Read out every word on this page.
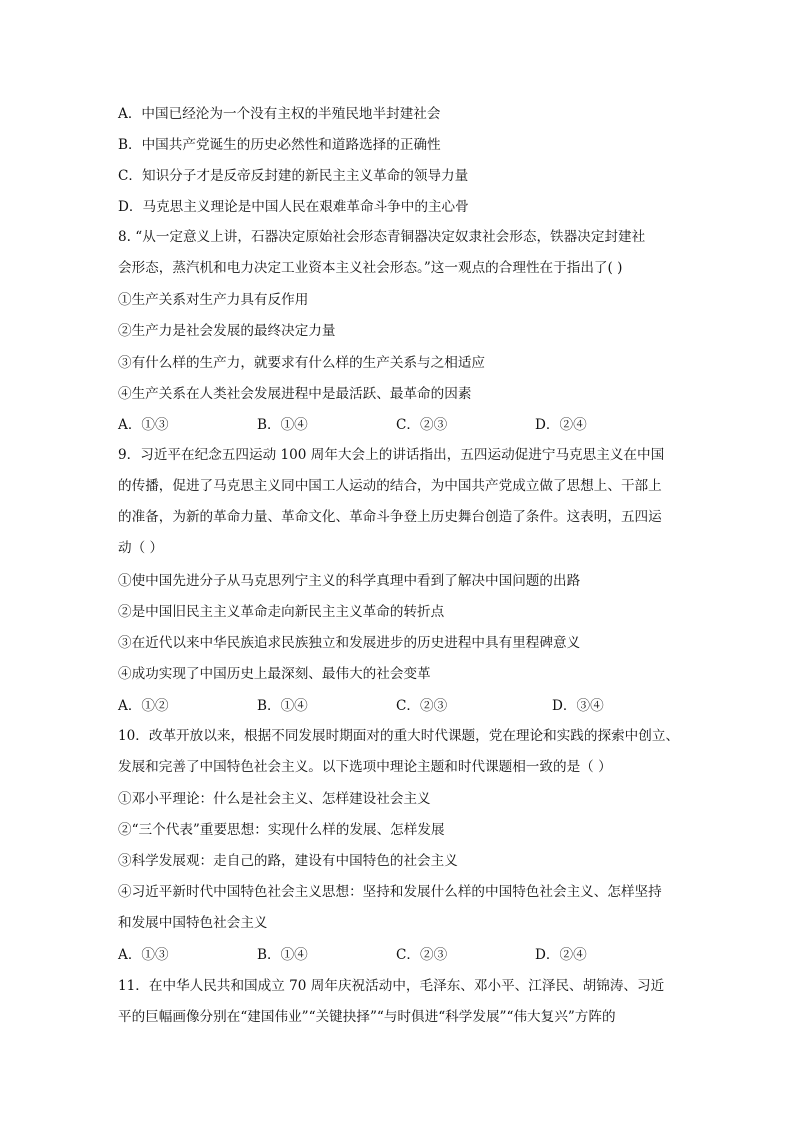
A．中国已经沦为一个没有主权的半殖民地半封建社会
B．中国共产党诞生的历史必然性和道路选择的正确性
C．知识分子才是反帝反封建的新民主主义革命的领导力量
D．马克思主义理论是中国人民在艰难革命斗争中的主心骨
8. “从一定意义上讲，石器决定原始社会形态青铜器决定奴隶社会形态，铁器决定封建社
会形态，蒸汽机和电力决定工业资本主义社会形态。”这一观点的合理性在于指出了( )
①生产关系对生产力具有反作用
②生产力是社会发展的最终决定力量
③有什么样的生产力，就要求有什么样的生产关系与之相适应
④生产关系在人类社会发展进程中是最活跃、最革命的因素
A．①③	B．①④	C．②③	D．②④
9．习近平在纪念五四运动 100 周年大会上的讲话指出，五四运动促进宁马克思主义在中国
的传播，促进了马克思主义同中国工人运动的结合，为中国共产党成立做了思想上、干部上
的准备，为新的革命力量、革命文化、革命斗争登上历史舞台创造了条件。这表明，五四运
动（ ）
①使中国先进分子从马克思列宁主义的科学真理中看到了解决中国问题的出路
②是中国旧民主主义革命走向新民主主义革命的转折点
③在近代以来中华民族追求民族独立和发展进步的历史进程中具有里程碑意义
④成功实现了中国历史上最深刻、最伟大的社会变革
A．①②	B．①④	C．②③	D．③④
10．改革开放以来，根据不同发展时期面对的重大时代课题，党在理论和实践的探索中创立、
发展和完善了中国特色社会主义。以下选项中理论主题和时代课题相一致的是（ ）
①邓小平理论：什么是社会主义、怎样建设社会主义
②“三个代表”重要思想：实现什么样的发展、怎样发展
③科学发展观：走自己的路，建设有中国特色的社会主义
④习近平新时代中国特色社会主义思想：坚持和发展什么样的中国特色社会主义、怎样坚持
和发展中国特色社会主义
A．①③	B．①④	C．②③	D．②④
11．在中华人民共和国成立 70 周年庆祝活动中，毛泽东、邓小平、江泽民、胡锦涛、习近
平的巨幅画像分别在“建国伟业”“关键抉择”“与时俱进“科学发展”“伟大复兴”方阵的
